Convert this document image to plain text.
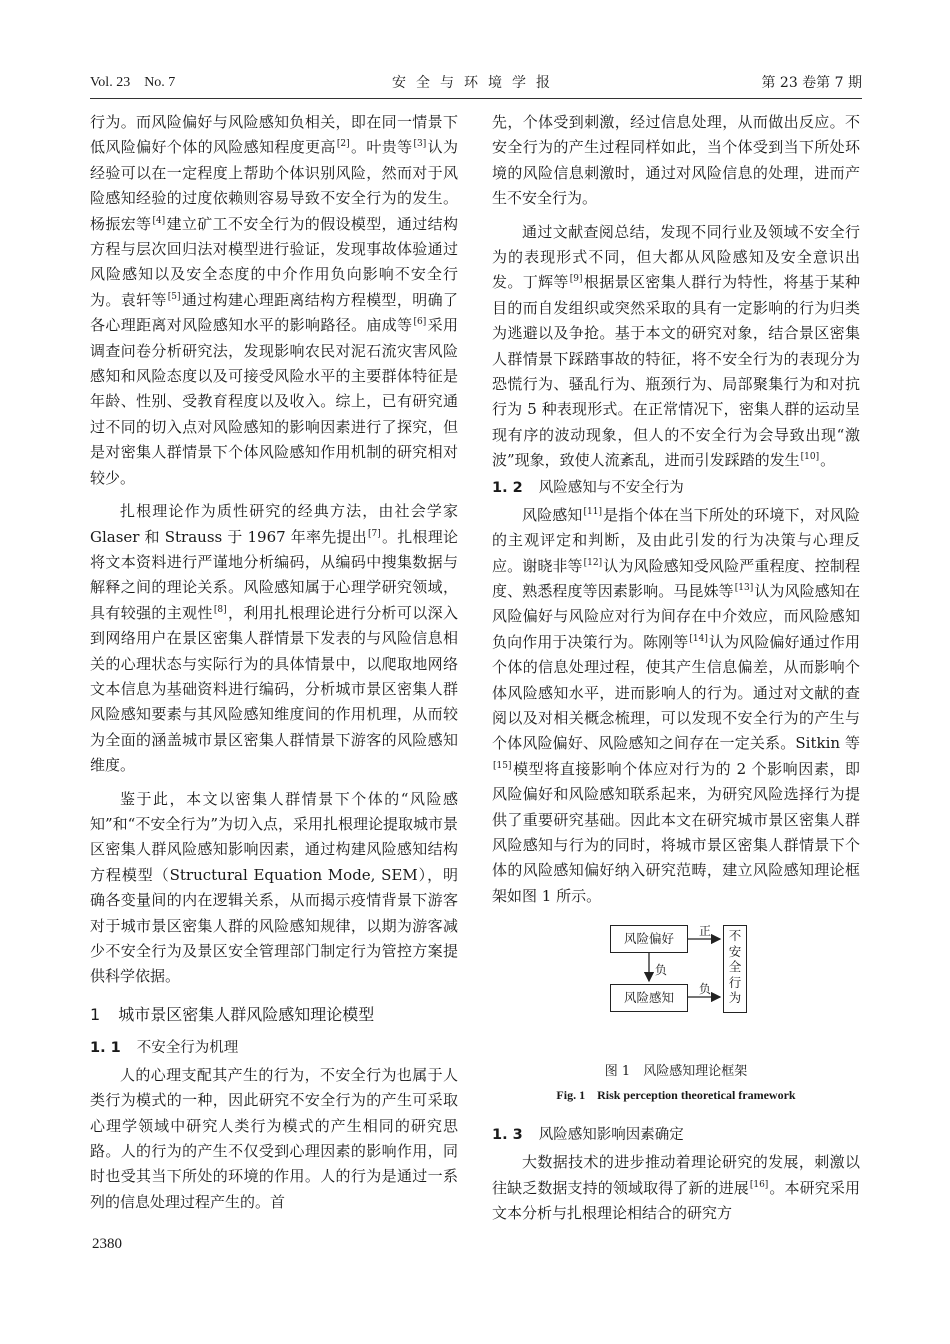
Vol. 23　No. 7	安全与环境学报	第 23 卷第 7 期

行为。而风险偏好与风险感知负相关，即在同一情景下低风险偏好个体的风险感知程度更高[2]。叶贵等[3]认为经验可以在一定程度上帮助个体识别风险，然而对于风险感知经验的过度依赖则容易导致不安全行为的发生。杨振宏等[4]建立矿工不安全行为的假设模型，通过结构方程与层次回归法对模型进行验证，发现事故体验通过风险感知以及安全态度的中介作用负向影响不安全行为。袁轩等[5]通过构建心理距离结构方程模型，明确了各心理距离对风险感知水平的影响路径。庙成等[6]采用调查问卷分析研究法，发现影响农民对泥石流灾害风险感知和风险态度以及可接受风险水平的主要群体特征是年龄、性别、受教育程度以及收入。综上，已有研究通过不同的切入点对风险感知的影响因素进行了探究，但是对密集人群情景下个体风险感知作用机制的研究相对较少。

扎根理论作为质性研究的经典方法，由社会学家 Glaser 和 Strauss 于 1967 年率先提出[7]。扎根理论将文本资料进行严谨地分析编码，从编码中搜集数据与解释之间的理论关系。风险感知属于心理学研究领域，具有较强的主观性[8]，利用扎根理论进行分析可以深入到网络用户在景区密集人群情景下发表的与风险信息相关的心理状态与实际行为的具体情景中，以爬取地网络文本信息为基础资料进行编码，分析城市景区密集人群风险感知要素与其风险感知维度间的作用机理，从而较为全面的涵盖城市景区密集人群情景下游客的风险感知维度。

鉴于此，本文以密集人群情景下个体的“风险感知”和“不安全行为”为切入点，采用扎根理论提取城市景区密集人群风险感知影响因素，通过构建风险感知结构方程模型（Structural Equation Mode, SEM），明确各变量间的内在逻辑关系，从而揭示疫情背景下游客对于城市景区密集人群的风险感知规律，以期为游客减少不安全行为及景区安全管理部门制定行为管控方案提供科学依据。

1 城市景区密集人群风险感知理论模型
1. 1 不安全行为机理

人的心理支配其产生的行为，不安全行为也属于人类行为模式的一种，因此研究不安全行为的产生可采取心理学领域中研究人类行为模式的产生相同的研究思路。人的行为的产生不仅受到心理因素的影响作用，同时也受其当下所处的环境的作用。人的行为是通过一系列的信息处理过程产生的。首

先，个体受到刺激，经过信息处理，从而做出反应。不安全行为的产生过程同样如此，当个体受到当下所处环境的风险信息刺激时，通过对风险信息的处理，进而产生不安全行为。

通过文献查阅总结，发现不同行业及领域不安全行为的表现形式不同，但大都从风险感知及安全意识出发。丁辉等[9]根据景区密集人群行为特性，将基于某种目的而自发组织或突然采取的具有一定影响的行为归类为逃避以及争抢。基于本文的研究对象，结合景区密集人群情景下踩踏事故的特征，将不安全行为的表现分为恐慌行为、骚乱行为、瓶颈行为、局部聚集行为和对抗行为 5 种表现形式。在正常情况下，密集人群的运动呈现有序的波动现象，但人的不安全行为会导致出现“激波”现象，致使人流紊乱，进而引发踩踏的发生[10]。

1. 2 风险感知与不安全行为

风险感知[11]是指个体在当下所处的环境下，对风险的主观评定和判断，及由此引发的行为决策与心理反应。谢晓非等[12]认为风险感知受风险严重程度、控制程度、熟悉程度等因素影响。马昆姝等[13]认为风险感知在风险偏好与风险应对行为间存在中介效应，而风险感知负向作用于决策行为。陈刚等[14]认为风险偏好通过作用个体的信息处理过程，使其产生信息偏差，从而影响个体风险感知水平，进而影响人的行为。通过对文献的查阅以及对相关概念梳理，可以发现不安全行为的产生与个体风险偏好、风险感知之间存在一定关系。Sitkin 等[15]模型将直接影响个体应对行为的 2 个影响因素，即风险偏好和风险感知联系起来，为研究风险选择行为提供了重要研究基础。因此本文在研究城市景区密集人群风险感知与行为的同时，将城市景区密集人群情景下个体的风险感知偏好纳入研究范畴，建立风险感知理论框架如图 1 所示。

风险偏好
风险感知
不安全行为
正
负
负
图 1　风险感知理论框架
Fig. 1　Risk perception theoretical framework
1. 3 风险感知影响因素确定

大数据技术的进步推动着理论研究的发展，刺激以往缺乏数据支持的领域取得了新的进展[16]。本研究采用文本分析与扎根理论相结合的研究方

2380
